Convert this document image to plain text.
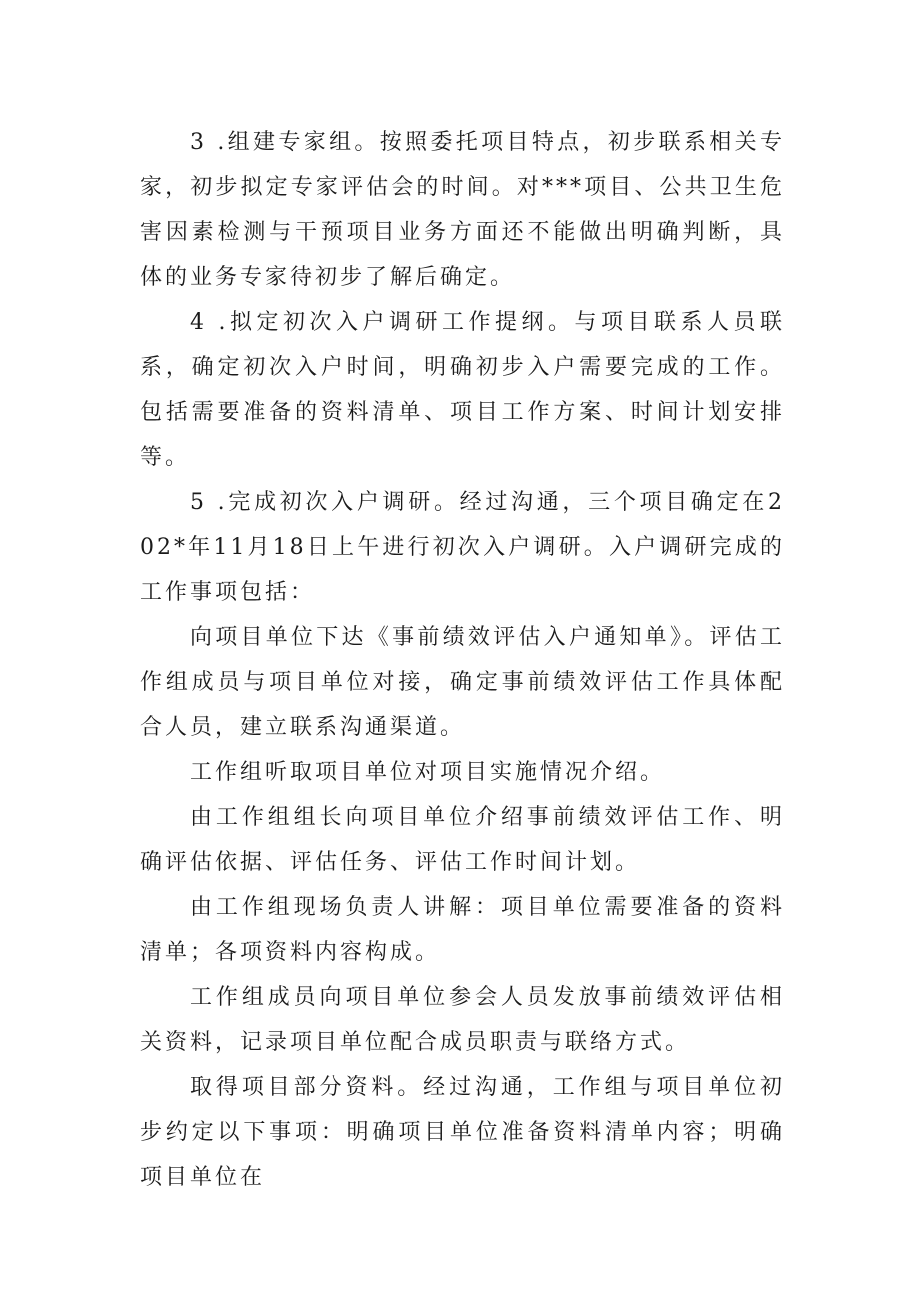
3 .组建专家组。按照委托项目特点，初步联系相关专家，初步拟定专家评估会的时间。对***项目、公共卫生危害因素检测与干预项目业务方面还不能做出明确判断，具体的业务专家待初步了解后确定。

4 .拟定初次入户调研工作提纲。与项目联系人员联系，确定初次入户时间，明确初步入户需要完成的工作。包括需要准备的资料清单、项目工作方案、时间计划安排等。

5 .完成初次入户调研。经过沟通，三个项目确定在202*年11月18日上午进行初次入户调研。入户调研完成的工作事项包括：

向项目单位下达《事前绩效评估入户通知单》。评估工作组成员与项目单位对接，确定事前绩效评估工作具体配合人员，建立联系沟通渠道。

工作组听取项目单位对项目实施情况介绍。

由工作组组长向项目单位介绍事前绩效评估工作、明确评估依据、评估任务、评估工作时间计划。

由工作组现场负责人讲解：项目单位需要准备的资料清单；各项资料内容构成。

工作组成员向项目单位参会人员发放事前绩效评估相关资料，记录项目单位配合成员职责与联络方式。

取得项目部分资料。经过沟通，工作组与项目单位初步约定以下事项：明确项目单位准备资料清单内容；明确项目单位在
